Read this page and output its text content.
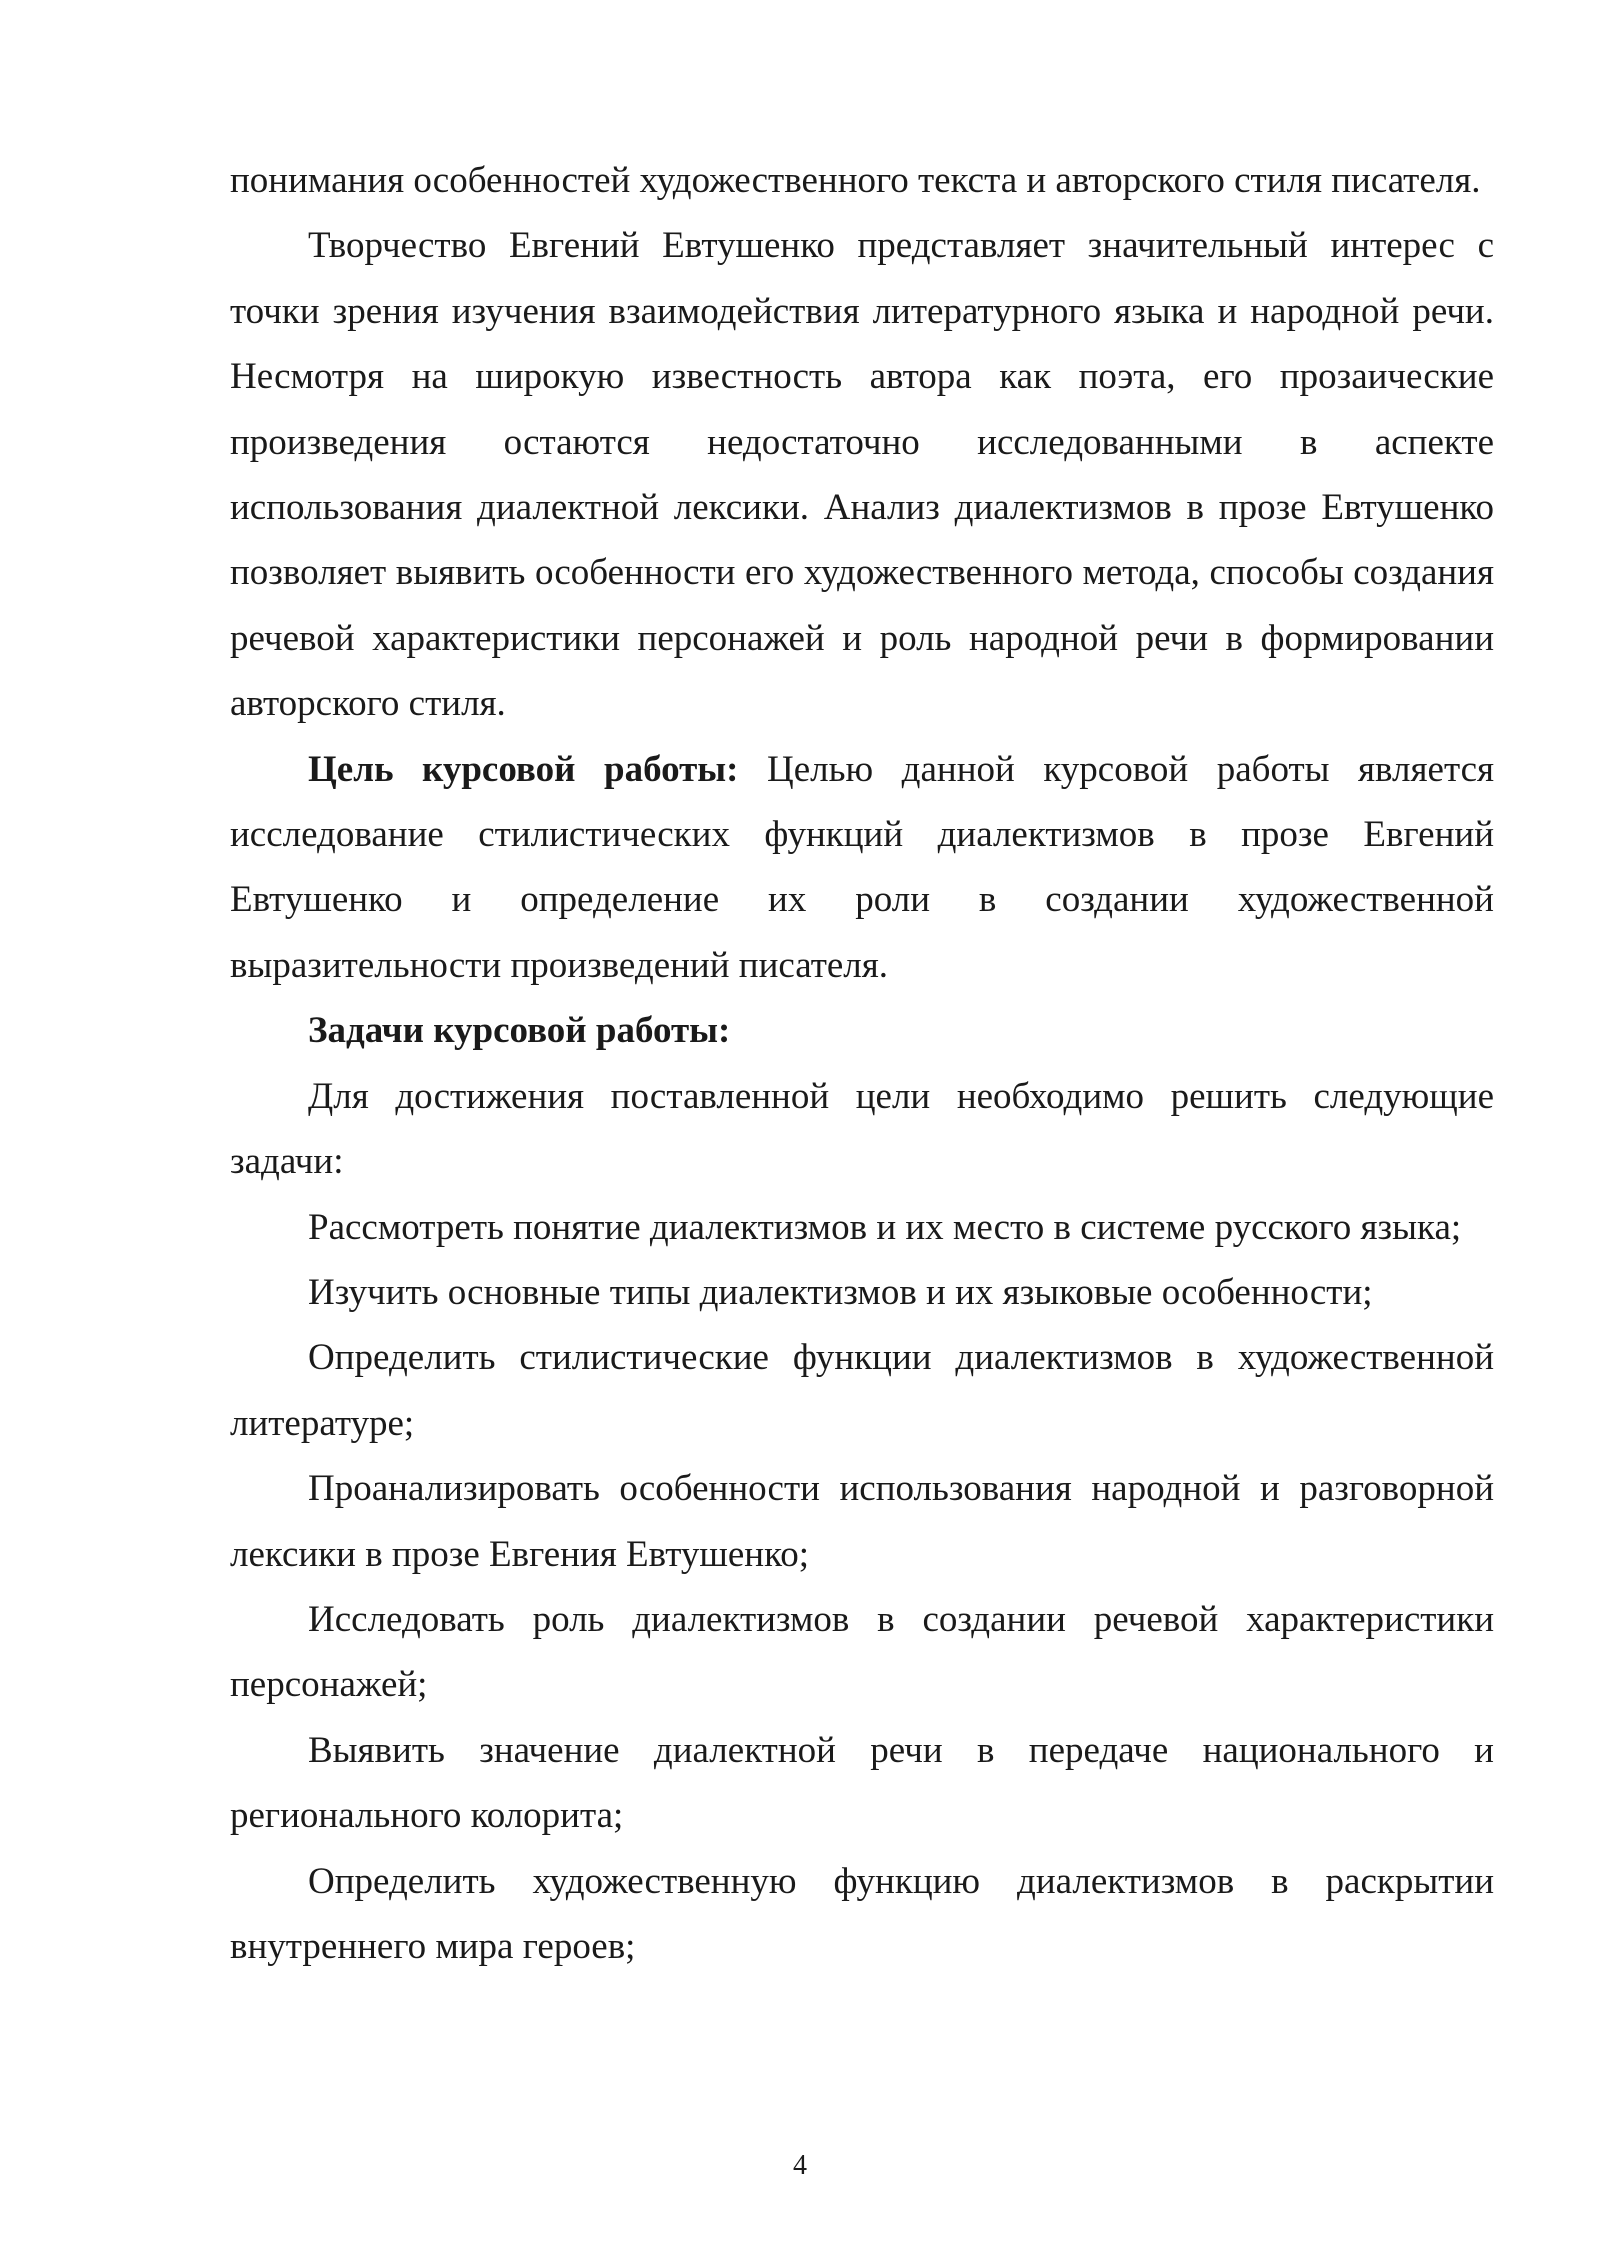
понимания особенностей художественного текста и авторского стиля писателя.

Творчество Евгений Евтушенко представляет значительный интерес с точки зрения изучения взаимодействия литературного языка и народной речи. Несмотря на широкую известность автора как поэта, его прозаические произведения остаются недостаточно исследованными в аспекте использования диалектной лексики. Анализ диалектизмов в прозе Евтушенко позволяет выявить особенности его художественного метода, способы создания речевой характеристики персонажей и роль народной речи в формировании авторского стиля.

Цель курсовой работы: Целью данной курсовой работы является исследование стилистических функций диалектизмов в прозе Евгений Евтушенко и определение их роли в создании художественной выразительности произведений писателя.

Задачи курсовой работы:

Для достижения поставленной цели необходимо решить следующие задачи:

Рассмотреть понятие диалектизмов и их место в системе русского языка;

Изучить основные типы диалектизмов и их языковые особенности;

Определить стилистические функции диалектизмов в художественной литературе;

Проанализировать особенности использования народной и разговорной лексики в прозе Евгения Евтушенко;

Исследовать роль диалектизмов в создании речевой характеристики персонажей;

Выявить значение диалектной речи в передаче национального и регионального колорита;

Определить художественную функцию диалектизмов в раскрытии внутреннего мира героев;

4
